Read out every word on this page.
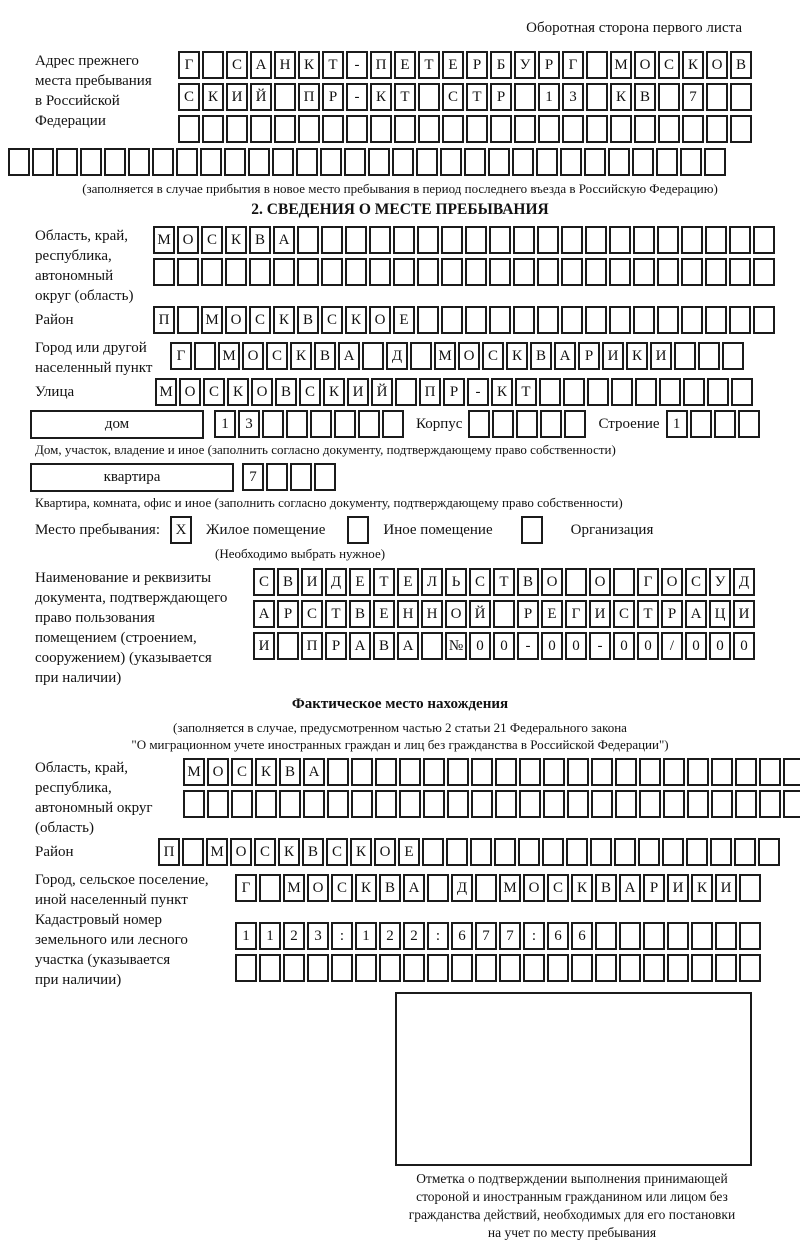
Оборотная сторона первого листа
Адрес прежнего
места пребывания
в Российской
Федерации
Г	С А Н К Т - П Е Т Е Р Б У Р Г М О С К О В
С К И Й П Р - К Т	С Т Р	1 3	К В	7
(заполняется в случае прибытия в новое место пребывания в период последнего въезда в Российскую Федерацию)
2. СВЕДЕНИЯ О МЕСТЕ ПРЕБЫВАНИЯ
Область, край,
республика,
автономный
округ (область)
М О С К В А
Район	П М О С К В С К О Е
Город или другой
населенный пункт
Г М О С К В А Д М О С К В А Р И К И
Улица	М О С К О В С К И Й П Р - К Т
дом	1 3	Корпус	Строение 1
Дом, участок, владение и иное (заполнить согласно документу, подтверждающему право собственности)
квартира	7
Квартира, комната, офис и иное (заполнить согласно документу, подтверждающему право собственности)
Место пребывания: X Жилое помещение	Иное помещение	Организация
(Необходимо выбрать нужное)
Наименование и реквизиты
документа, подтверждающего
право пользования
помещением (строением,
сооружением) (указывается
при наличии)
С В И Д Е Т Е Л Ь С Т В О О	Г О С У Д
А Р С Т В Е Н Н О Й	Р Е Г И С Т Р А Ц И
И П Р А В А № 0 0 - 0 0 - 0 0 / 0 0 0
Фактическое место нахождения
(заполняется в случае, предусмотренном частью 2 статьи 21 Федерального закона
"О миграционном учете иностранных граждан и лиц без гражданства в Российской Федерации")
Область, край,
республика,
автономный округ
(область)
М О С К В А
Район	П М О С К В С К О Е
Город, сельское поселение,
иной населенный пункт
Г М О С К В А Д М О С К В А Р И К И
Кадастровый номер
земельного или лесного
участка (указывается
при наличии)
1 1 2 3 : 1 2 2 : 6 7 7 : 6 6
Отметка о подтверждении выполнения принимающей
стороной и иностранным гражданином или лицом без
гражданства действий, необходимых для его постановки
на учет по месту пребывания
